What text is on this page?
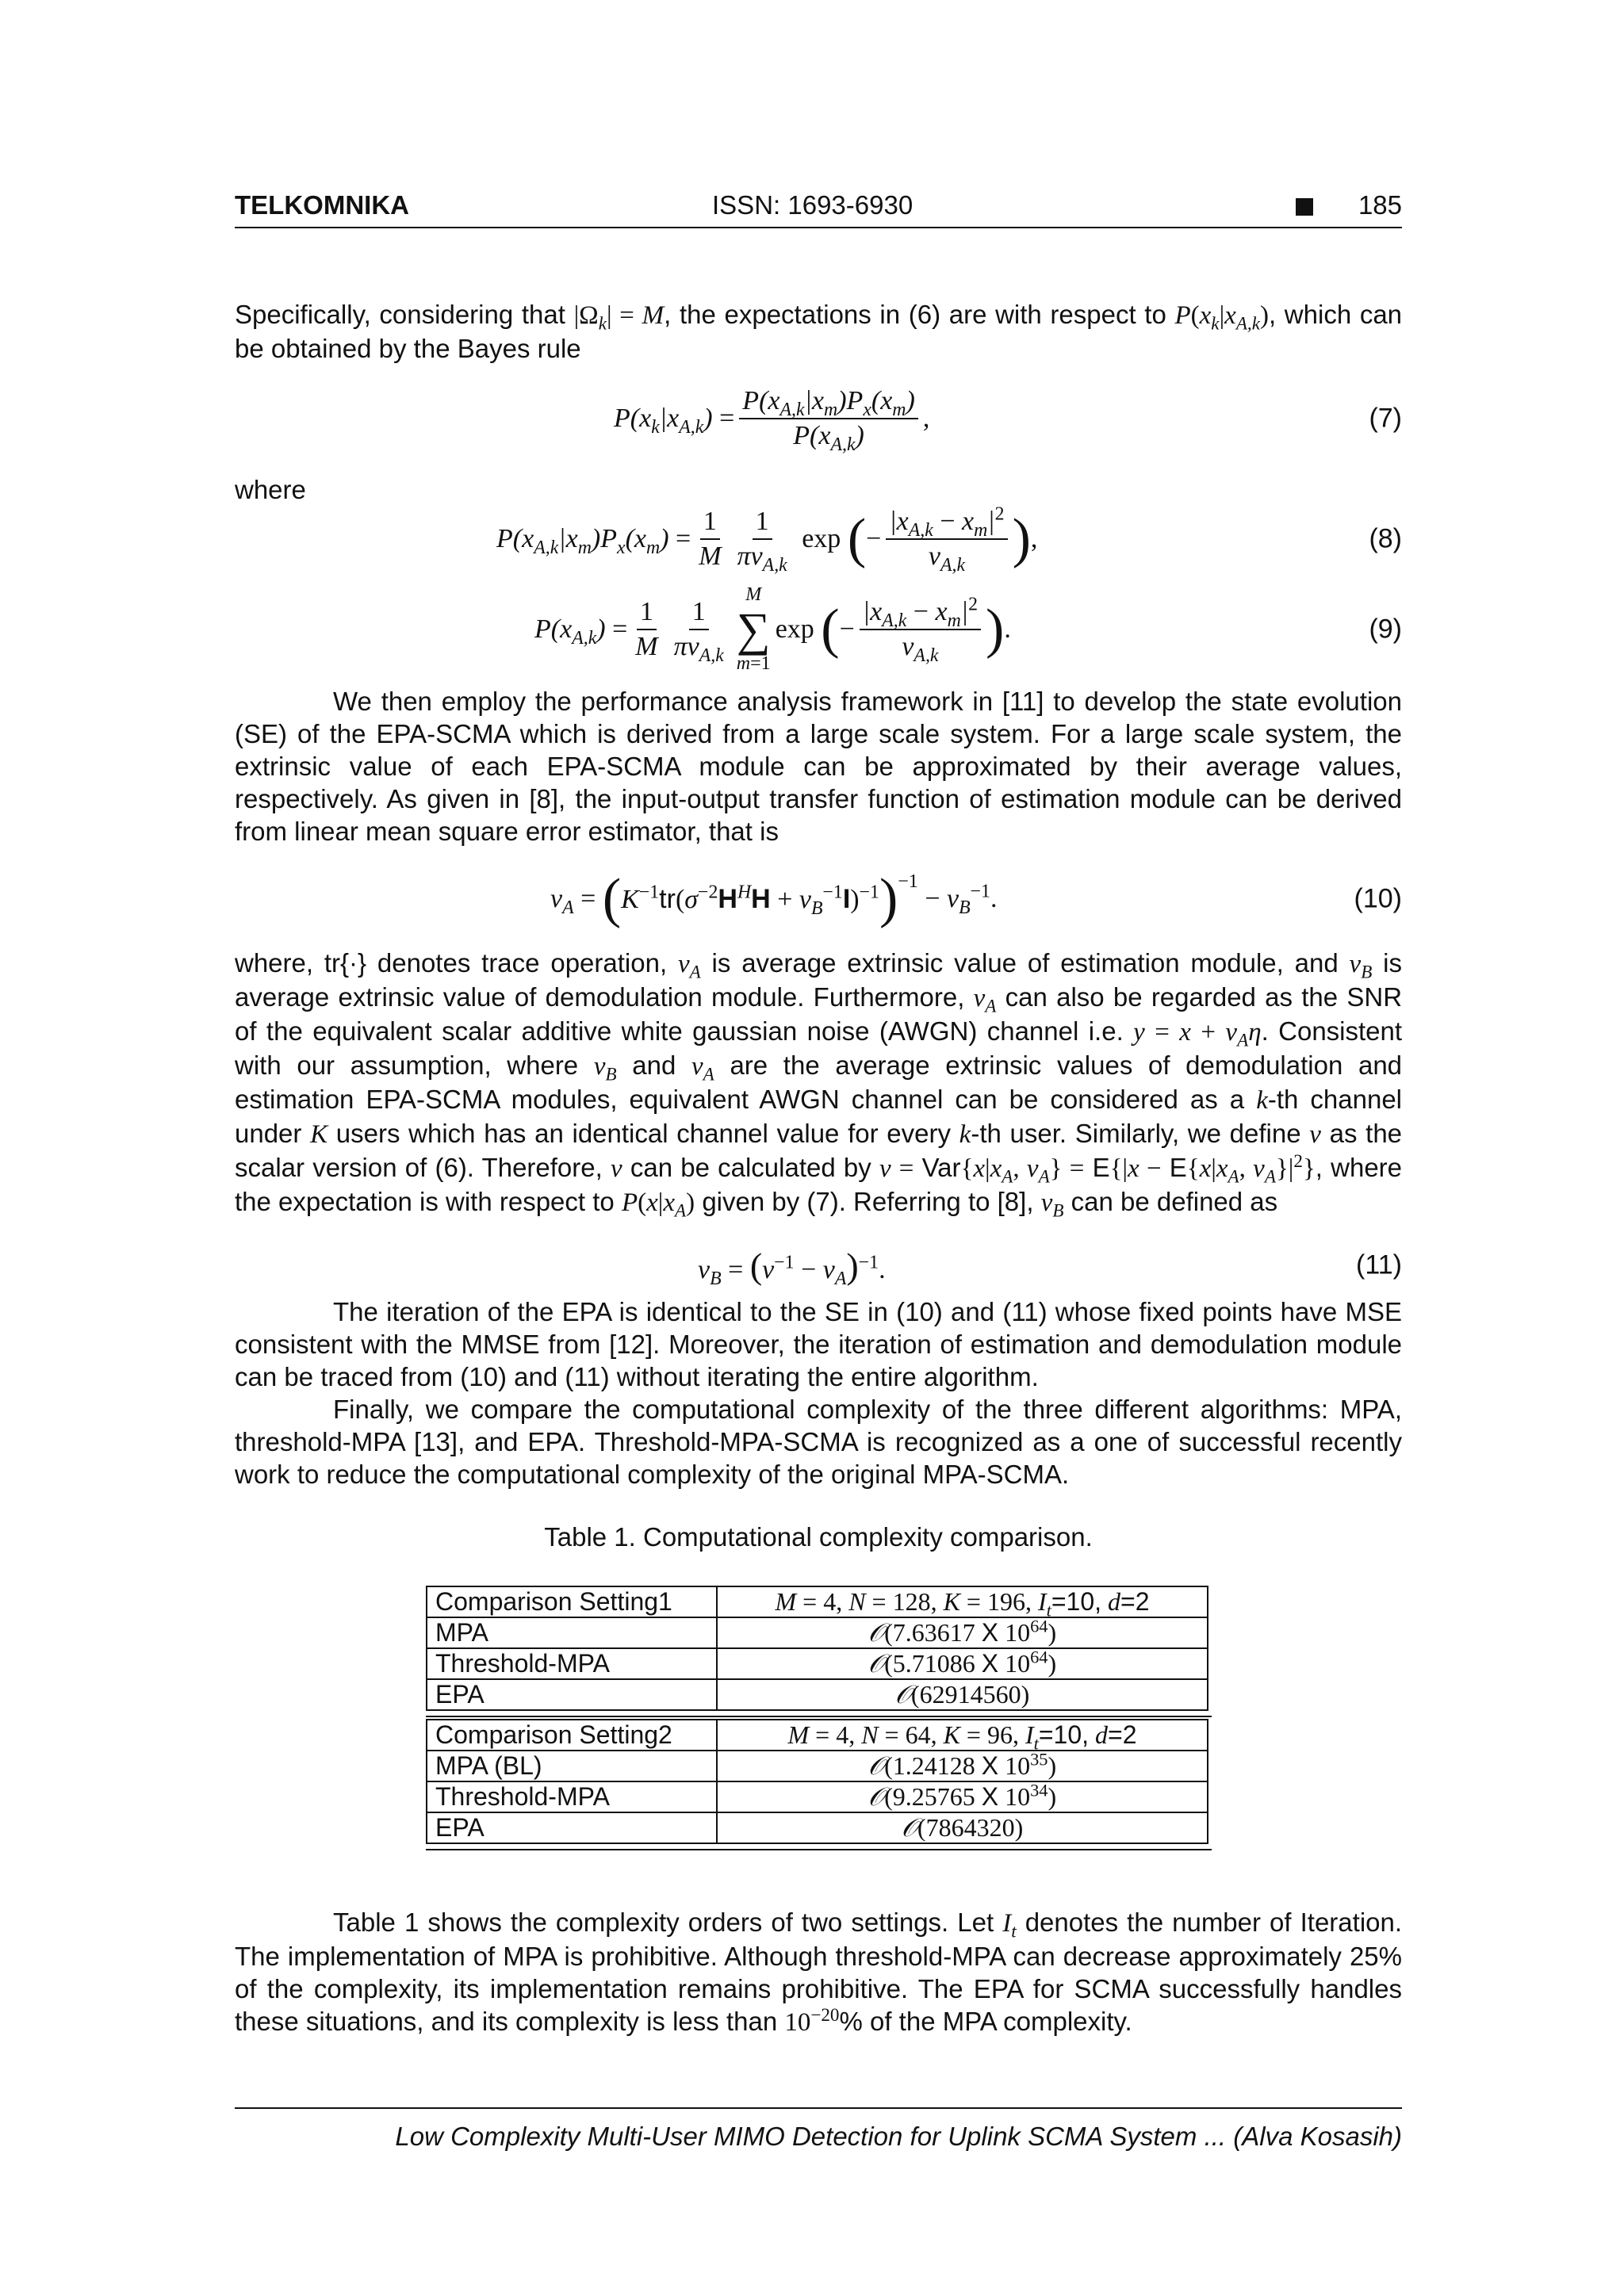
TELKOMNIKA	ISSN: 1693-6930	185

Specifically, considering that $|\Omega_k| = M$, the expectations in (6) are with respect to $P(x_k|x_{A,k})$, which can be obtained by the Bayes rule

$P(x_k|x_{A,k}) = \frac{P(x_{A,k}|x_m)P_x(x_m)}{P(x_{A,k})}$ ,	(7)

where

$P(x_{A,k}|x_m)P_x(x_m) = \frac{1}{M} \frac{1}{\pi v_{A,k}}$ exp ( − $\frac{|x_{A,k} - x_m|^2}{v_{A,k}}$ ) ,	(8)
$P(x_{A,k}) = \frac{1}{M} \frac{1}{\pi v_{A,k}}$
M
∑
m=1
exp ( − $\frac{|x_{A,k} - x_m|^2}{v_{A,k}}$ ) .	(9)

We then employ the performance analysis framework in [11] to develop the state evolution (SE) of the EPA-SCMA which is derived from a large scale system. For a large scale system, the extrinsic value of each EPA-SCMA module can be approximated by their average values, respectively. As given in [8], the input-output transfer function of estimation module can be derived from linear mean square error estimator, that is

$v_A$ = ( $K^{-1}tr(\sigma^{-2}H^HH + v_B^{-1}I)^{-1}$ )$^{-1}$
− $v_B^{-1}$.	(10)

where, tr{·} denotes trace operation, $v_A$ is average extrinsic value of estimation module, and $v_B$ is average extrinsic value of demodulation module. Furthermore, $v_A$ can also be regarded as the SNR of the equivalent scalar additive white gaussian noise (AWGN) channel i.e. $y = x + v_A\eta$. Consistent with our assumption, where $v_B$ and $v_A$ are the average extrinsic values of demodulation and estimation EPA-SCMA modules, equivalent AWGN channel can be considered as a k-th channel under K users which has an identical channel value for every k-th user. Similarly, we define v as the scalar version of (6). Therefore, v can be calculated by $v = Var\{x|x_A$, $v_A\} = E\{|x - E\{x|x_A$, $v_A\}|^2$}, where the expectation is with respect to $P(x|x_A)$ given by (7). Referring to [8], $v_B$ can be defined as

$v_B = (v^{-1} - v_A)^{-1}$.	(11)

The iteration of the EPA is identical to the SE in (10) and (11) whose fixed points have MSE consistent with the MMSE from [12]. Moreover, the iteration of estimation and demodulation module can be traced from (10) and (11) without iterating the entire algorithm.

Finally, we compare the computational complexity of the three different algorithms: MPA, threshold-MPA [13], and EPA. Threshold-MPA-SCMA is recognized as a one of successful recently work to reduce the computational complexity of the original MPA-SCMA.

Table 1. Computational complexity comparison.
Comparison Setting1	M = 4, N = 128, K = 196, $I_t=10$, d=2
MPA	𝒪(7.63617 X $10^{64}$)
Threshold-MPA	𝒪(5.71086 X $10^{64}$)
EPA	𝒪(62914560)
Comparison Setting2	M = 4, N = 64, K = 96, $I_t=10$, d=2
MPA (BL)	𝒪(1.24128 X $10^{35}$)
Threshold-MPA	𝒪(9.25765 X $10^{34}$)
EPA	𝒪(7864320)

Table 1 shows the complexity orders of two settings. Let $I_t$ denotes the number of Iteration. The implementation of MPA is prohibitive. Although threshold-MPA can decrease approximately 25% of the complexity, its implementation remains prohibitive. The EPA for SCMA successfully handles these situations, and its complexity is less than $10^{-20}\%$ of the MPA complexity.

Low Complexity Multi-User MIMO Detection for Uplink SCMA System ... (Alva Kosasih)
